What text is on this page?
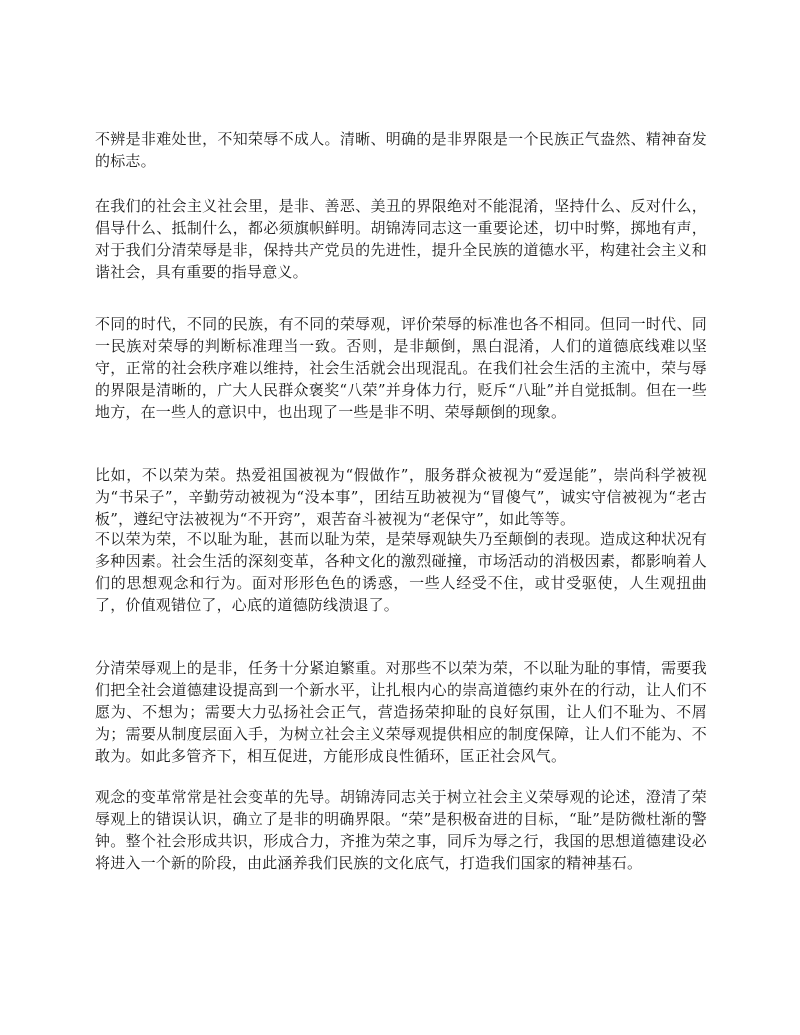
不辨是非难处世，不知荣辱不成人。清晰、明确的是非界限是一个民族正气盎然、精神奋发的标志。

在我们的社会主义社会里，是非、善恶、美丑的界限绝对不能混淆，坚持什么、反对什么，倡导什么、抵制什么，都必须旗帜鲜明。胡锦涛同志这一重要论述，切中时弊，掷地有声，对于我们分清荣辱是非，保持共产党员的先进性，提升全民族的道德水平，构建社会主义和谐社会，具有重要的指导意义。

不同的时代，不同的民族，有不同的荣辱观，评价荣辱的标准也各不相同。但同一时代、同一民族对荣辱的判断标准理当一致。否则，是非颠倒，黑白混淆，人们的道德底线难以坚守，正常的社会秩序难以维持，社会生活就会出现混乱。在我们社会生活的主流中，荣与辱的界限是清晰的，广大人民群众褒奖“八荣”并身体力行，贬斥“八耻”并自觉抵制。但在一些地方，在一些人的意识中，也出现了一些是非不明、荣辱颠倒的现象。

比如，不以荣为荣。热爱祖国被视为“假做作”，服务群众被视为“爱逞能”，崇尚科学被视为“书呆子”，辛勤劳动被视为“没本事”，团结互助被视为“冒傻气”，诚实守信被视为“老古板”，遵纪守法被视为“不开窍”，艰苦奋斗被视为“老保守”，如此等等。

不以荣为荣，不以耻为耻，甚而以耻为荣，是荣辱观缺失乃至颠倒的表现。造成这种状况有多种因素。社会生活的深刻变革，各种文化的激烈碰撞，市场活动的消极因素，都影响着人们的思想观念和行为。面对形形色色的诱惑，一些人经受不住，或甘受驱使，人生观扭曲了，价值观错位了，心底的道德防线溃退了。

分清荣辱观上的是非，任务十分紧迫繁重。对那些不以荣为荣，不以耻为耻的事情，需要我们把全社会道德建设提高到一个新水平，让扎根内心的崇高道德约束外在的行动，让人们不愿为、不想为；需要大力弘扬社会正气，营造扬荣抑耻的良好氛围，让人们不耻为、不屑为；需要从制度层面入手，为树立社会主义荣辱观提供相应的制度保障，让人们不能为、不敢为。如此多管齐下，相互促进，方能形成良性循环，匡正社会风气。

观念的变革常常是社会变革的先导。胡锦涛同志关于树立社会主义荣辱观的论述，澄清了荣辱观上的错误认识，确立了是非的明确界限。“荣”是积极奋进的目标，“耻”是防微杜渐的警钟。整个社会形成共识，形成合力，齐推为荣之事，同斥为辱之行，我国的思想道德建设必将进入一个新的阶段，由此涵养我们民族的文化底气，打造我们国家的精神基石。
